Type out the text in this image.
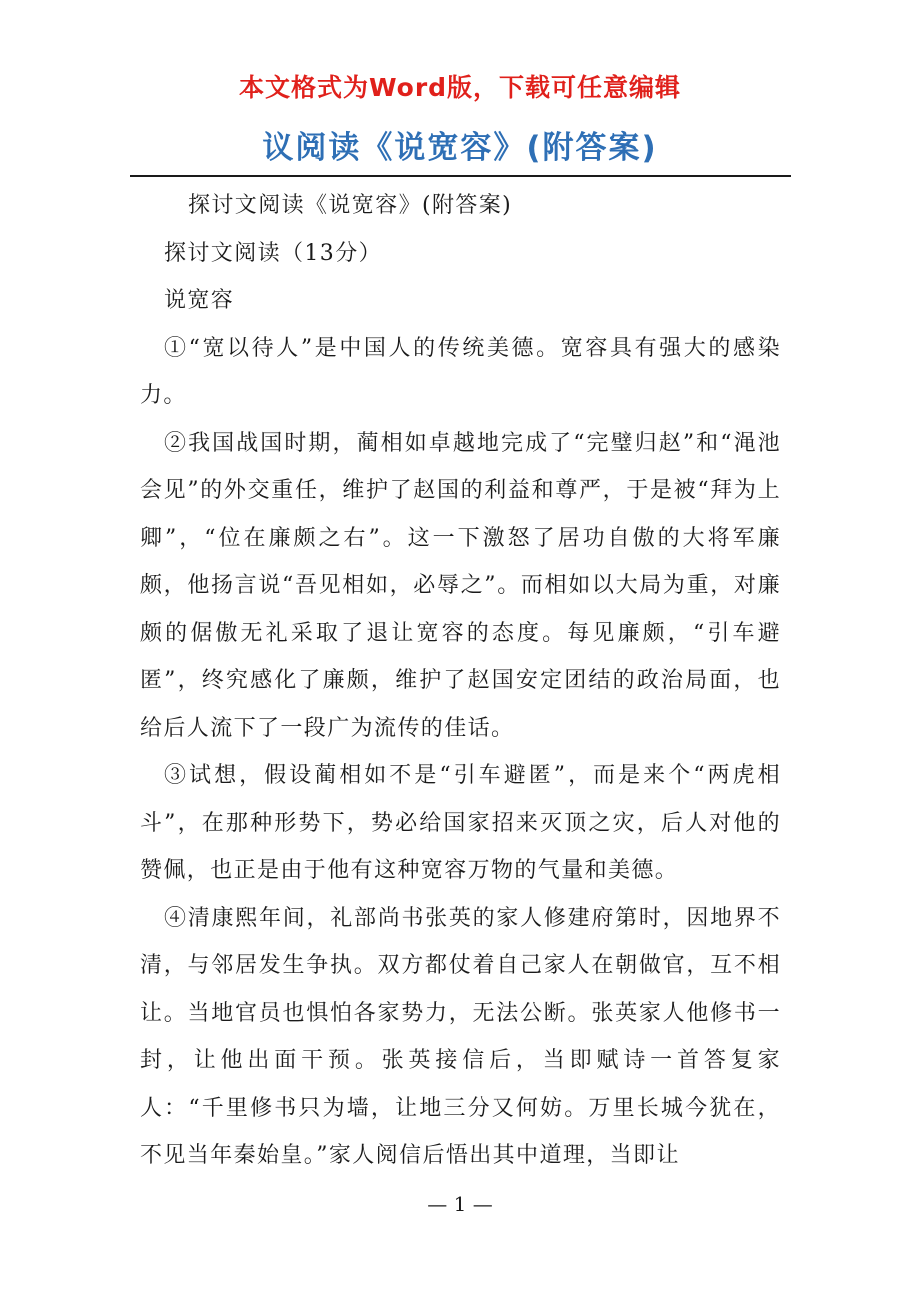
本文格式为Word版，下载可任意编辑
议阅读《说宽容》(附答案)

探讨文阅读《说宽容》(附答案)

探讨文阅读（13分）

说宽容

①“宽以待人”是中国人的传统美德。宽容具有强大的感染力。

②我国战国时期，蔺相如卓越地完成了“完璧归赵”和“渑池会见”的外交重任，维护了赵国的利益和尊严，于是被“拜为上卿”，“位在廉颇之右”。这一下激怒了居功自傲的大将军廉颇，他扬言说“吾见相如，必辱之”。而相如以大局为重，对廉颇的倨傲无礼采取了退让宽容的态度。每见廉颇，“引车避匿”，终究感化了廉颇，维护了赵国安定团结的政治局面，也给后人流下了一段广为流传的佳话。

③试想，假设蔺相如不是“引车避匿”，而是来个“两虎相斗”，在那种形势下，势必给国家招来灭顶之灾，后人对他的赞佩，也正是由于他有这种宽容万物的气量和美德。

④清康熙年间，礼部尚书张英的家人修建府第时，因地界不清，与邻居发生争执。双方都仗着自己家人在朝做官，互不相让。当地官员也惧怕各家势力，无法公断。张英家人他修书一封，让他出面干预。张英接信后，当即赋诗一首答复家人：“千里修书只为墙，让地三分又何妨。万里长城今犹在，不见当年秦始皇。”家人阅信后悟出其中道理，当即让

— 1 —
